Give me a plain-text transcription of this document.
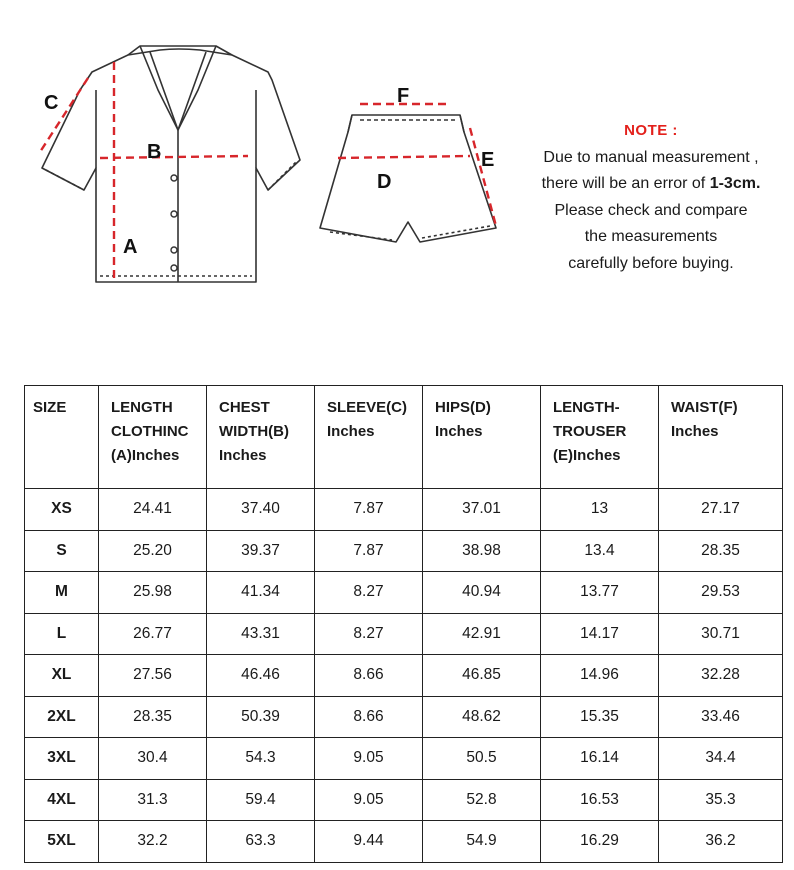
C
B
A
F
D
E
NOTE :
Due to manual measurement ,
there will be an error of 1-3cm.
Please check and compare
the measurements
carefully before buying.
SIZE	LENGTH
CLOTHINC
(A)Inches	CHEST
WIDTH(B)
Inches	SLEEVE(C)
Inches	HIPS(D)
Inches	LENGTH-
TROUSER
(E)Inches	WAIST(F)
Inches
XS	24.41	37.40	7.87	37.01	13	27.17
S	25.20	39.37	7.87	38.98	13.4	28.35
M	25.98	41.34	8.27	40.94	13.77	29.53
L	26.77	43.31	8.27	42.91	14.17	30.71
XL	27.56	46.46	8.66	46.85	14.96	32.28
2XL	28.35	50.39	8.66	48.62	15.35	33.46
3XL	30.4	54.3	9.05	50.5	16.14	34.4
4XL	31.3	59.4	9.05	52.8	16.53	35.3
5XL	32.2	63.3	9.44	54.9	16.29	36.2
